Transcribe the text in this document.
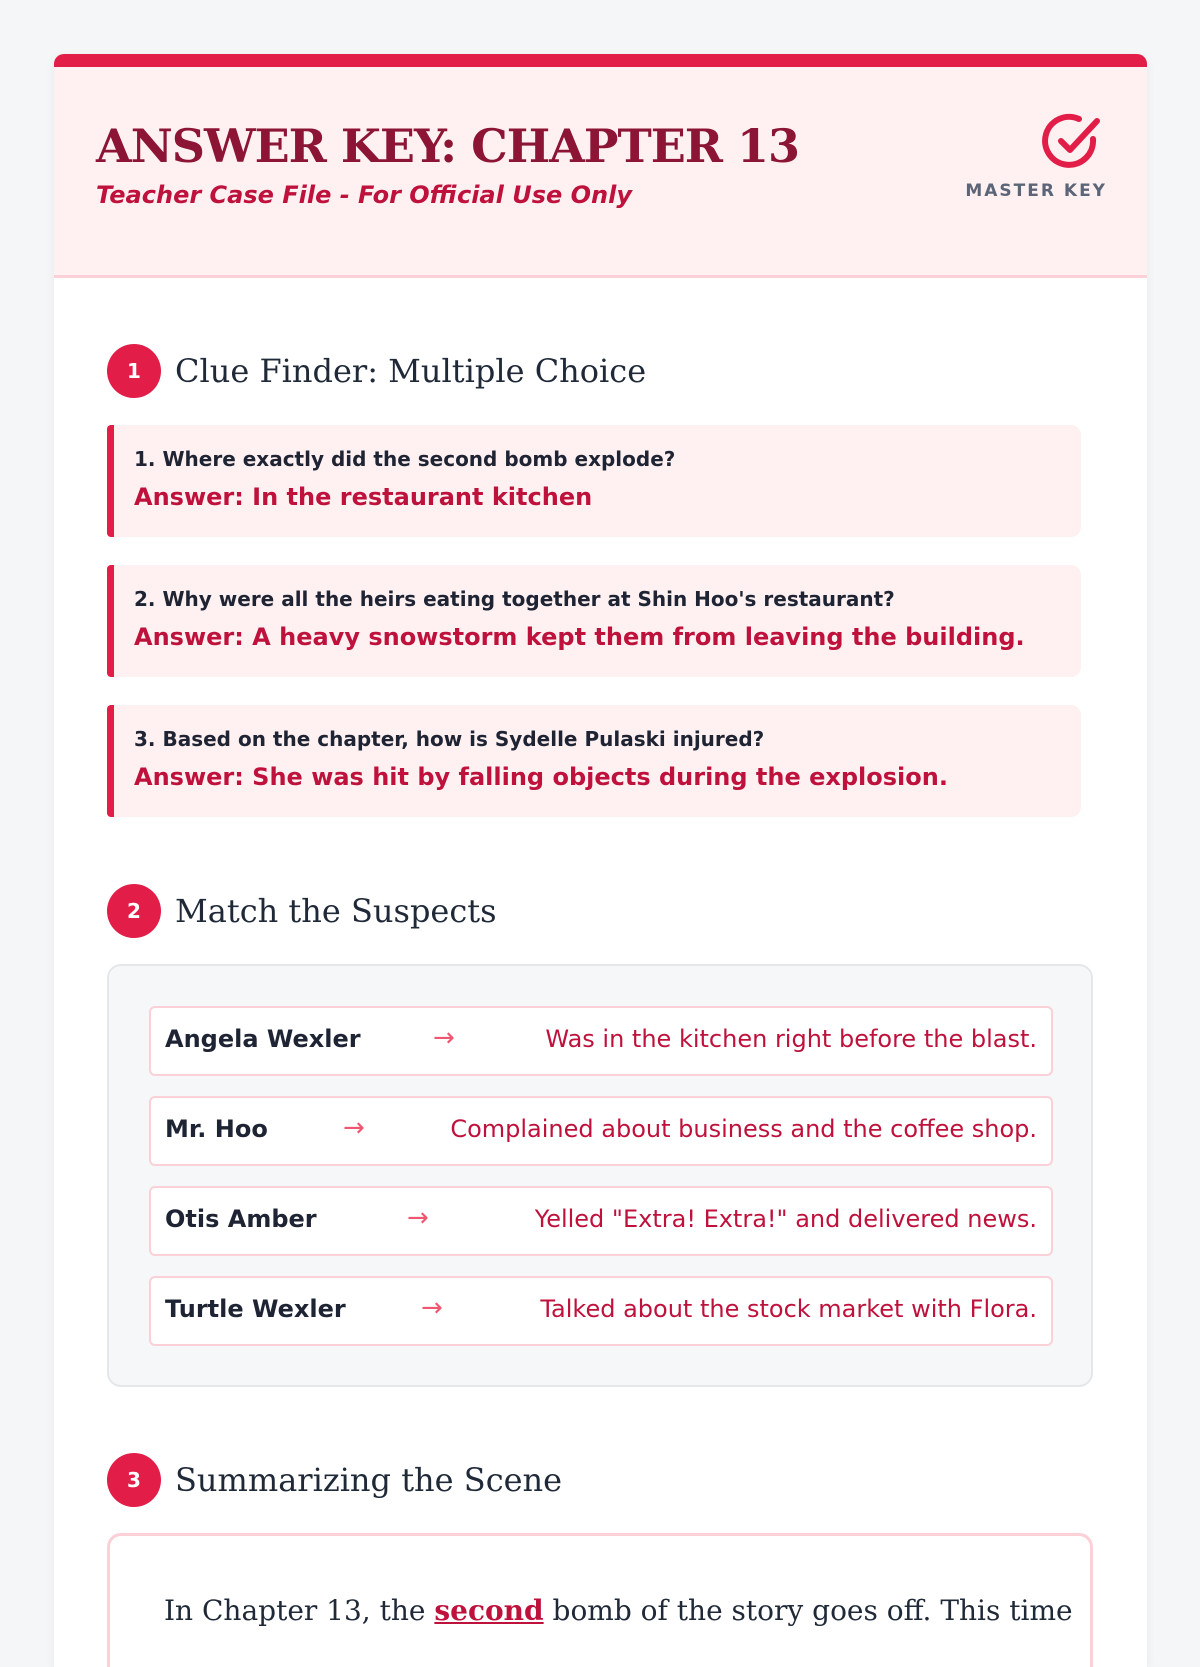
ANSWER KEY: CHAPTER 13
Teacher Case File - For Official Use Only	MASTER KEY
1	Clue Finder: Multiple Choice
1. Where exactly did the second bomb explode?
Answer: In the restaurant kitchen
2. Why were all the heirs eating together at Shin Hoo's restaurant?
Answer: A heavy snowstorm kept them from leaving the building.
3. Based on the chapter, how is Sydelle Pulaski injured?
Answer: She was hit by falling objects during the explosion.
2	Match the Suspects
Angela Wexler	→	Was in the kitchen right before the blast.
Mr. Hoo	→	Complained about business and the coffee shop.
Otis Amber	→	Yelled "Extra! Extra!" and delivered news.
Turtle Wexler	→	Talked about the stock market with Flora.
3	Summarizing the Scene
In Chapter 13, the second bomb of the story goes off. This time
